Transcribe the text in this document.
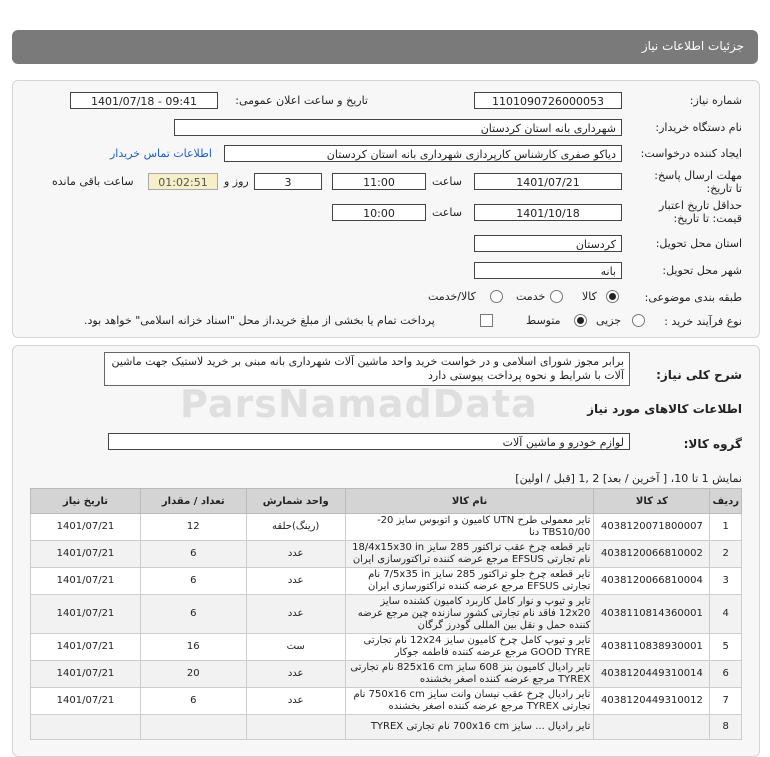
جزئیات اطلاعات نیاز
شماره نیاز:
1101090726000053
تاریخ و ساعت اعلان عمومی:
1401/07/18 - 09:41
نام دستگاه خریدار:
شهرداری بانه استان کردستان
ایجاد کننده درخواست:
دیاکو صفری کارشناس کارپردازی شهرداری بانه استان کردستان
اطلاعات تماس خریدار
مهلت ارسال پاسخ: تا تاریخ:
1401/07/21
ساعت
11:00
3
روز و
01:02:51
ساعت باقی مانده
حداقل تاریخ اعتبار قیمت: تا تاریخ:
1401/10/18
ساعت
10:00
استان محل تحویل:
کردستان
شهر محل تحویل:
بانه
طبقه بندی موضوعی:
کالا
خدمت
کالا/خدمت
نوع فرآیند خرید :
جزیی
متوسط
پرداخت تمام یا بخشی از مبلغ خرید،از محل "اسناد خزانه اسلامی" خواهد بود.
شرح کلی نیاز:
برابر مجوز شورای اسلامی و در خواست خرید واحد ماشین آلات شهرداری بانه مبنی بر خرید لاستیک جهت ماشین آلات با شرایط و نحوه پرداخت پیوستی دارد
ParsNamadData	اطلاعات کالاهای مورد نیاز
گروه کالا:
لوازم خودرو و ماشین آلات
نمایش 1 تا 10، [ آخرین / بعد] 2 ,1 [قبل / اولین]
ردیف	کد کالا	نام کالا	واحد شمارش	تعداد / مقدار	تاریخ نیاز
1	4038120071800007	تایر معمولی طرح UTN کامیون و اتوبوس سایز 20-TBS10/00 دنا	(رینگ)حلقه	12	1401/07/21
2	4038120066810002	تایر قطعه چرخ عقب تراکتور 285 سایز 18/4x15x30 in نام تجارتی EFSUS مرجع عرضه کننده تراکتورسازی ایران	عدد	6	1401/07/21
3	4038120066810004	تایر قطعه چرخ جلو تراکتور 285 سایز 7/5x35 in نام تجارتی EFSUS مرجع عرضه کننده تراکتورسازی ایران	عدد	6	1401/07/21
4	4038110814360001	تایر و تیوپ و نوار کامل کاربرد کامیون کشنده سایز 12x20 فاقد نام تجارتی کشور سازنده چین مرجع عرضه کننده حمل و نقل بین المللی گودرز گرگان	عدد	6	1401/07/21
5	4038110838930001	تایر و تیوپ کامل چرخ کامیون سایز 12x24 نام تجارتی GOOD TYRE مرجع عرضه کننده فاطمه جوکار	ست	16	1401/07/21
6	4038120449310014	تایر رادیال کامیون بنز 608 سایز 825x16 cm نام تجارتی TYREX مرجع عرضه کننده اصغر بخشنده	عدد	20	1401/07/21
7	4038120449310012	تایر رادیال چرخ عقب نیسان وانت سایز 750x16 cm نام تجارتی TYREX مرجع عرضه کننده اصغر بخشنده	عدد	6	1401/07/21
8		تایر رادیال ... سایز 700x16 cm نام تجارتی TYREX			
